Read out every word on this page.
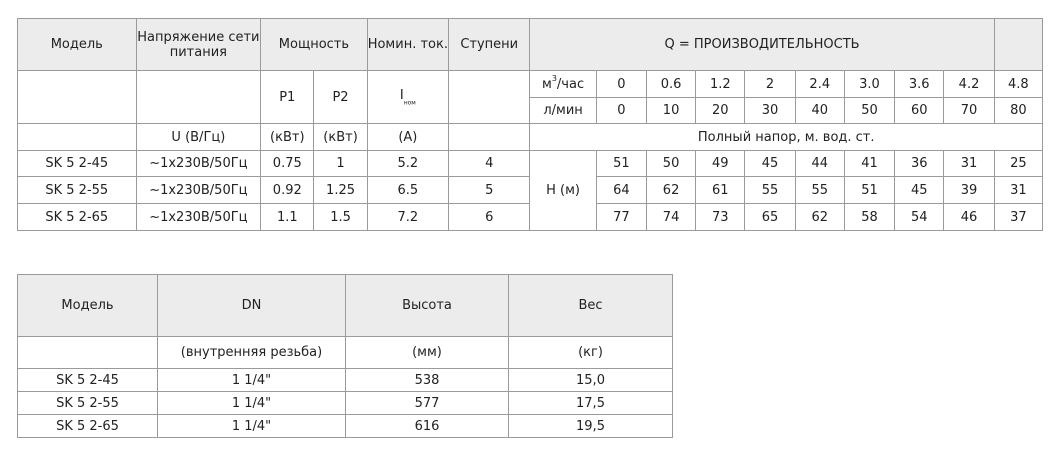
Модель	Напряжение сети питания	Мощность		Номин. ток.	Ступени	Q = ПРОИЗВОДИТЕЛЬНОСТЬ									
		P1	P2	$I_{ном}$		$м^3$/час	0	0.6	1.2	2	2.4	3.0	3.6	4.2	4.8
						л/мин	0	10	20	30	40	50	60	70	80
	U (В/Гц)	(кВт)	(кВт)	(А)		Полный напор, м. вод. ст.									
SK 5 2-45	~1x230В/50Гц	0.75	1	5.2	4	H (м)	51	50	49	45	44	41	36	31	25
SK 5 2-55	~1x230В/50Гц	0.92	1.25	6.5	5		64	62	61	55	55	51	45	39	31
SK 5 2-65	~1x230В/50Гц	1.1	1.5	7.2	6		77	74	73	65	62	58	54	46	37
Модель	DN	Высота	Вес
	(внутренняя резьба)	(мм)	(кг)
SK 5 2-45	1 1/4"	538	15,0
SK 5 2-55	1 1/4"	577	17,5
SK 5 2-65	1 1/4"	616	19,5
